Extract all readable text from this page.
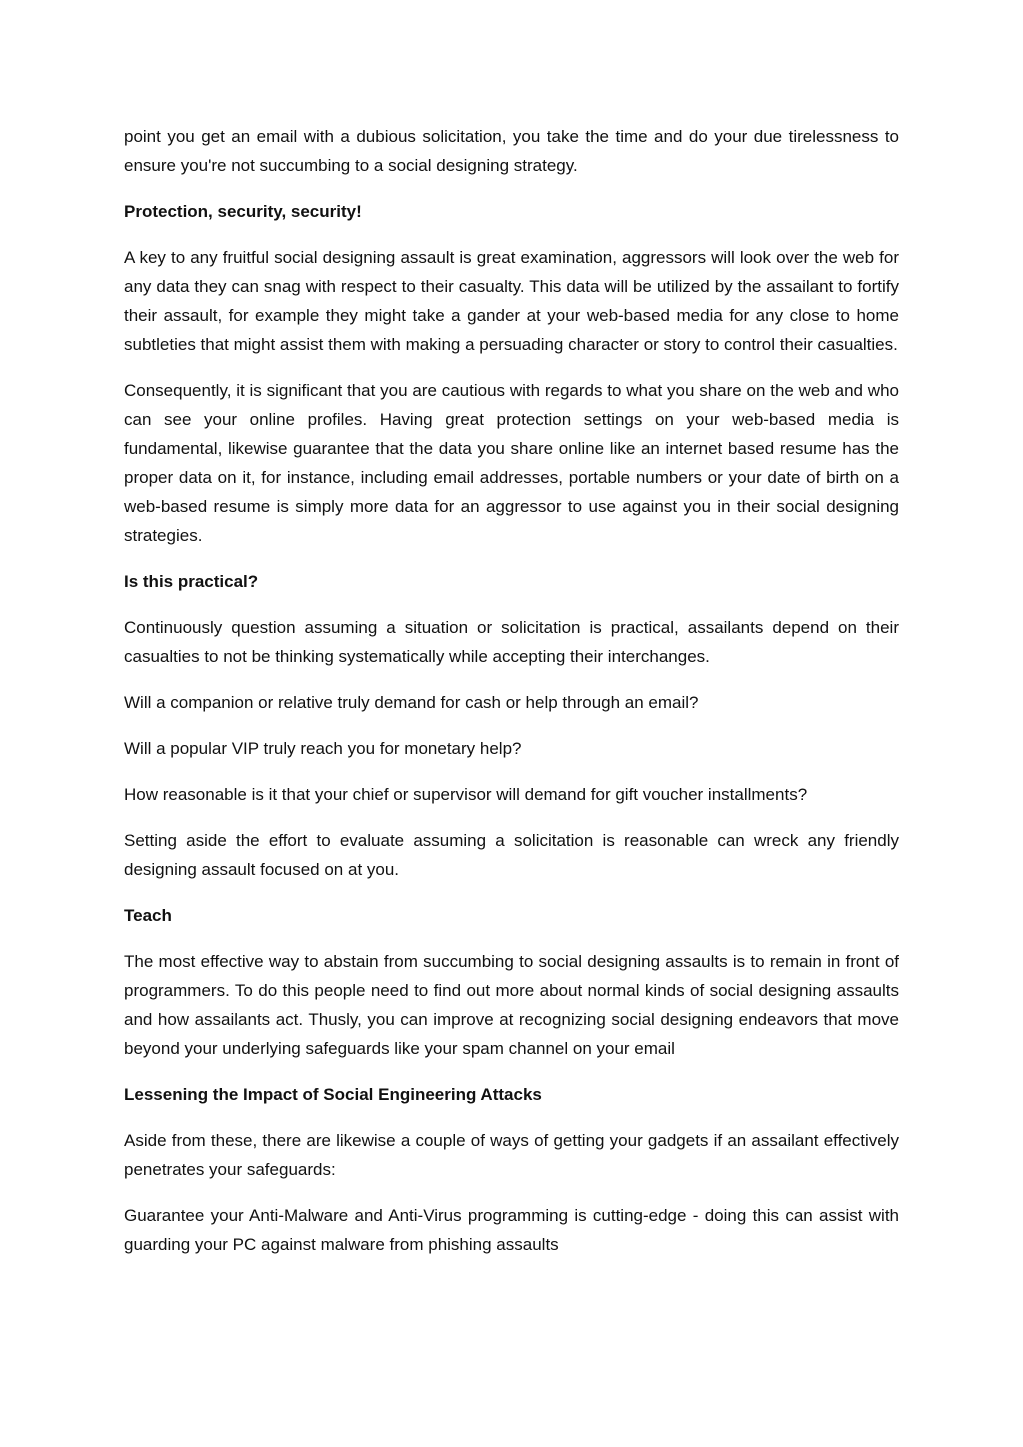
point you get an email with a dubious solicitation, you take the time and do your due tirelessness to ensure you're not succumbing to a social designing strategy.

Protection, security, security!

A key to any fruitful social designing assault is great examination, aggressors will look over the web for any data they can snag with respect to their casualty. This data will be utilized by the assailant to fortify their assault, for example they might take a gander at your web-based media for any close to home subtleties that might assist them with making a persuading character or story to control their casualties.

Consequently, it is significant that you are cautious with regards to what you share on the web and who can see your online profiles. Having great protection settings on your web-based media is fundamental, likewise guarantee that the data you share online like an internet based resume has the proper data on it, for instance, including email addresses, portable numbers or your date of birth on a web-based resume is simply more data for an aggressor to use against you in their social designing strategies.

Is this practical?

Continuously question assuming a situation or solicitation is practical, assailants depend on their casualties to not be thinking systematically while accepting their interchanges.

Will a companion or relative truly demand for cash or help through an email?

Will a popular VIP truly reach you for monetary help?

How reasonable is it that your chief or supervisor will demand for gift voucher installments?

Setting aside the effort to evaluate assuming a solicitation is reasonable can wreck any friendly designing assault focused on at you.

Teach

The most effective way to abstain from succumbing to social designing assaults is to remain in front of programmers. To do this people need to find out more about normal kinds of social designing assaults and how assailants act. Thusly, you can improve at recognizing social designing endeavors that move beyond your underlying safeguards like your spam channel on your email

Lessening the Impact of Social Engineering Attacks

Aside from these, there are likewise a couple of ways of getting your gadgets if an assailant effectively penetrates your safeguards:

Guarantee your Anti-Malware and Anti-Virus programming is cutting-edge - doing this can assist with guarding your PC against malware from phishing assaults
